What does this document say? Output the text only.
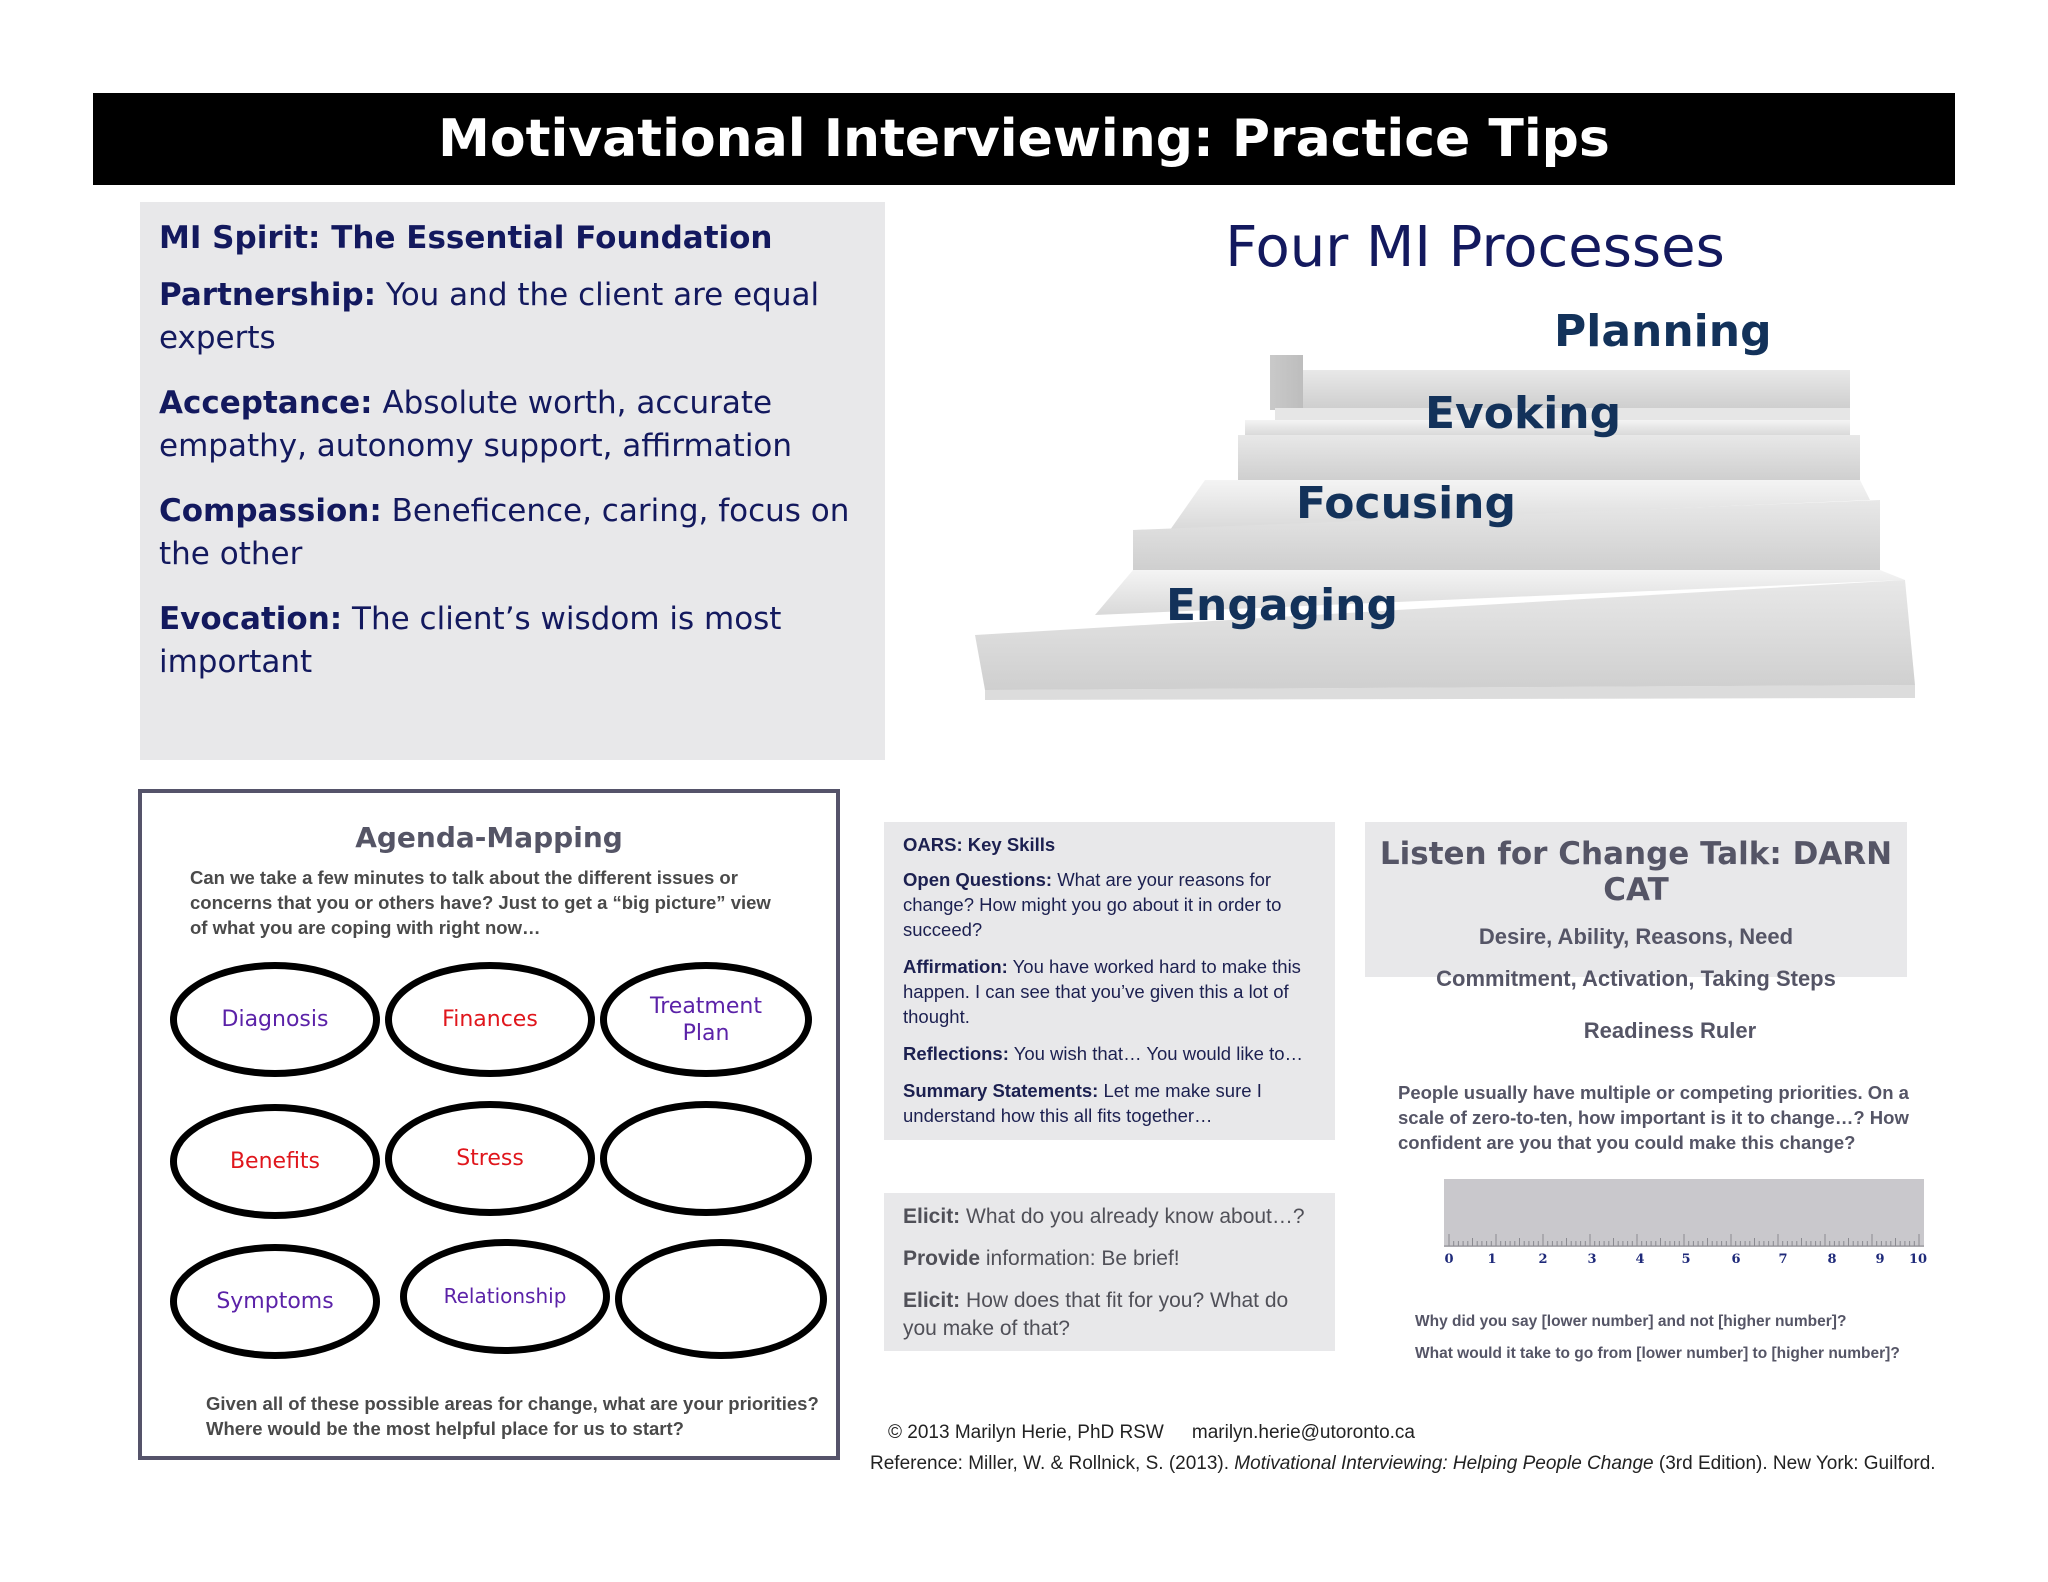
Motivational Interviewing: Practice Tips
MI Spirit: The Essential Foundation

Partnership: You and the client are equal experts

Acceptance: Absolute worth, accurate empathy, autonomy support, affirmation

Compassion: Beneficence, caring, focus on the other

Evocation: The client’s wisdom is most important

Four MI Processes
Planning
Evoking
Focusing
Engaging
Agenda-Mapping
Can we take a few minutes to talk about the different issues or concerns that you or others have? Just to get a “big picture” view of what you are coping with right now…
Diagnosis	Finances
Treatment Plan
Benefits	Stress
Symptoms	Relationship
Given all of these possible areas for change, what are your priorities? Where would be the most helpful place for us to start?

OARS: Key Skills

Open Questions: What are your reasons for change? How might you go about it in order to succeed?

Affirmation: You have worked hard to make this happen. I can see that you’ve given this a lot of thought.

Reflections: You wish that… You would like to…

Summary Statements: Let me make sure I understand how this all fits together…

Elicit: What do you already know about…?

Provide information: Be brief!

Elicit: How does that fit for you? What do you make of that?

Listen for Change Talk: DARN CAT
Desire, Ability, Reasons, Need
Commitment, Activation, Taking Steps
Readiness Ruler
People usually have multiple or competing priorities. On a scale of zero-to-ten, how important is it to change…? How confident are you that you could make this change?
0	1	2	3	4	5	6	7	8	9 10
Why did you say [lower number] and not [higher number]?
What would it take to go from [lower number] to [higher number]?
© 2013 Marilyn Herie, PhD RSW marilyn.herie@utoronto.ca
Reference: Miller, W. & Rollnick, S. (2013). Motivational Interviewing: Helping People Change (3rd Edition). New York: Guilford.
